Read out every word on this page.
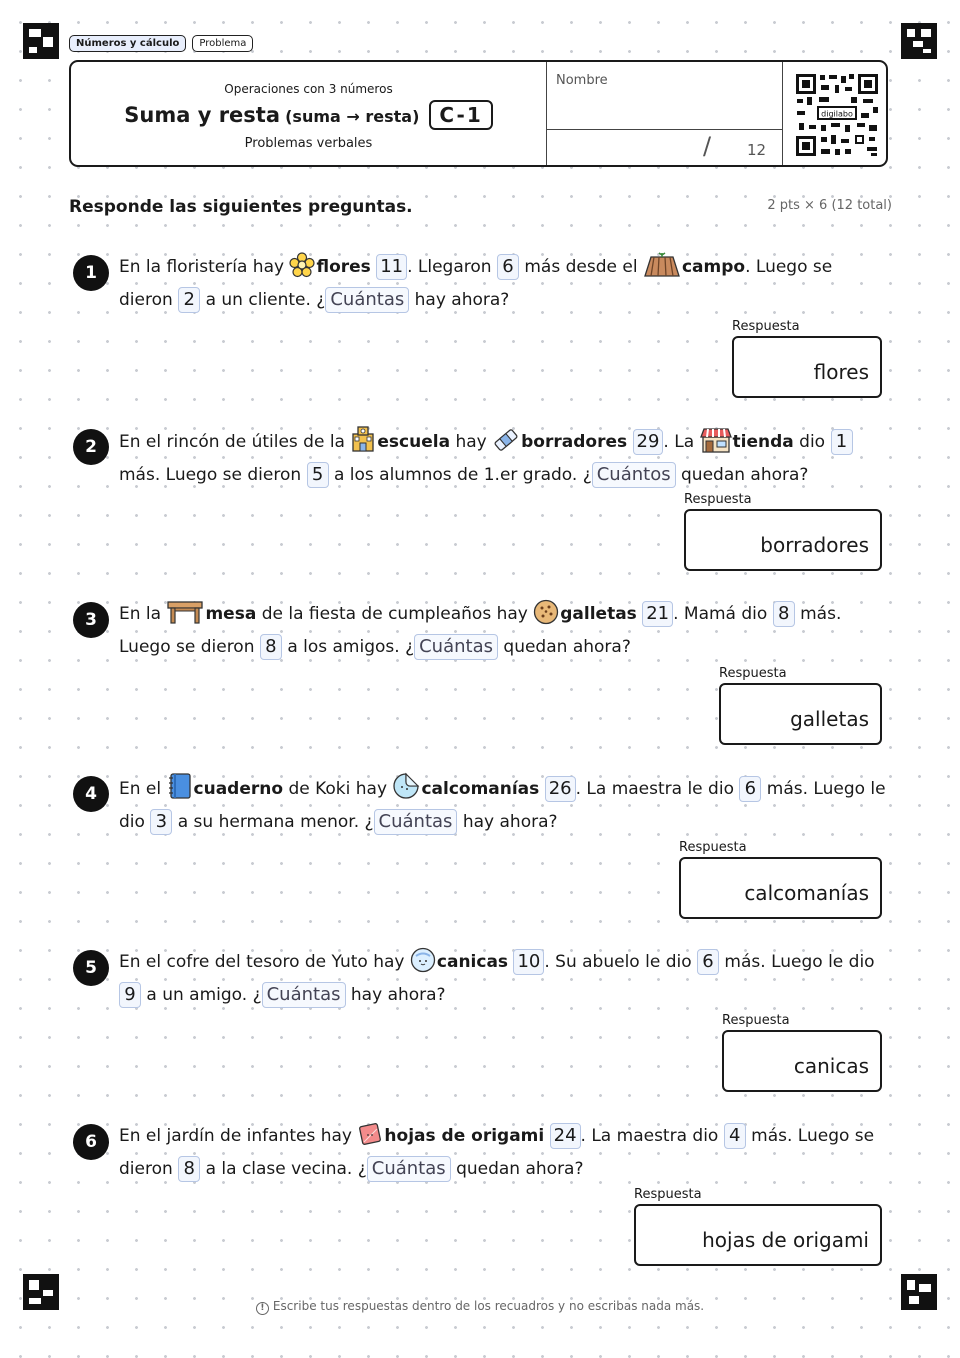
Números y cálculo	Problema
Operaciones con 3 números
Suma y resta (suma → resta)	C-1
Problemas verbales
Nombre
/ 12
digilabo
Responde las siguientes preguntas.	2 pts × 6 (12 total)
1	En la floristería hay flores 11 . Llegaron 6 más desde el	campo. Luego se dieron 2 a un cliente. ¿ Cuántas hay ahora?
Respuesta
flores
2	En el rincón de útiles de la escuela hay borradores 29 . La tienda dio 1 más. Luego se dieron 5 a los alumnos de 1.er grado. ¿ Cuántos quedan ahora?
Respuesta
borradores
3	En la	mesa de la fiesta de cumpleaños hay galletas 21 . Mamá dio 8 más. Luego se dieron 8 a los amigos. ¿ Cuántas quedan ahora?
Respuesta
galletas
4	En el cuaderno de Koki hay calcomanías 26 . La maestra le dio 6 más. Luego le dio 3 a su hermana menor. ¿ Cuántas hay ahora?
Respuesta
calcomanías
5	En el cofre del tesoro de Yuto hay canicas 10 . Su abuelo le dio 6 más. Luego le dio 9 a un amigo. ¿ Cuántas hay ahora?
Respuesta
canicas
6	En el jardín de infantes hay hojas de origami 24 . La maestra dio 4 más. Luego se dieron 8 a la clase vecina. ¿ Cuántas quedan ahora?
Respuesta
hojas de origami
! Escribe tus respuestas dentro de los recuadros y no escribas nada más.
